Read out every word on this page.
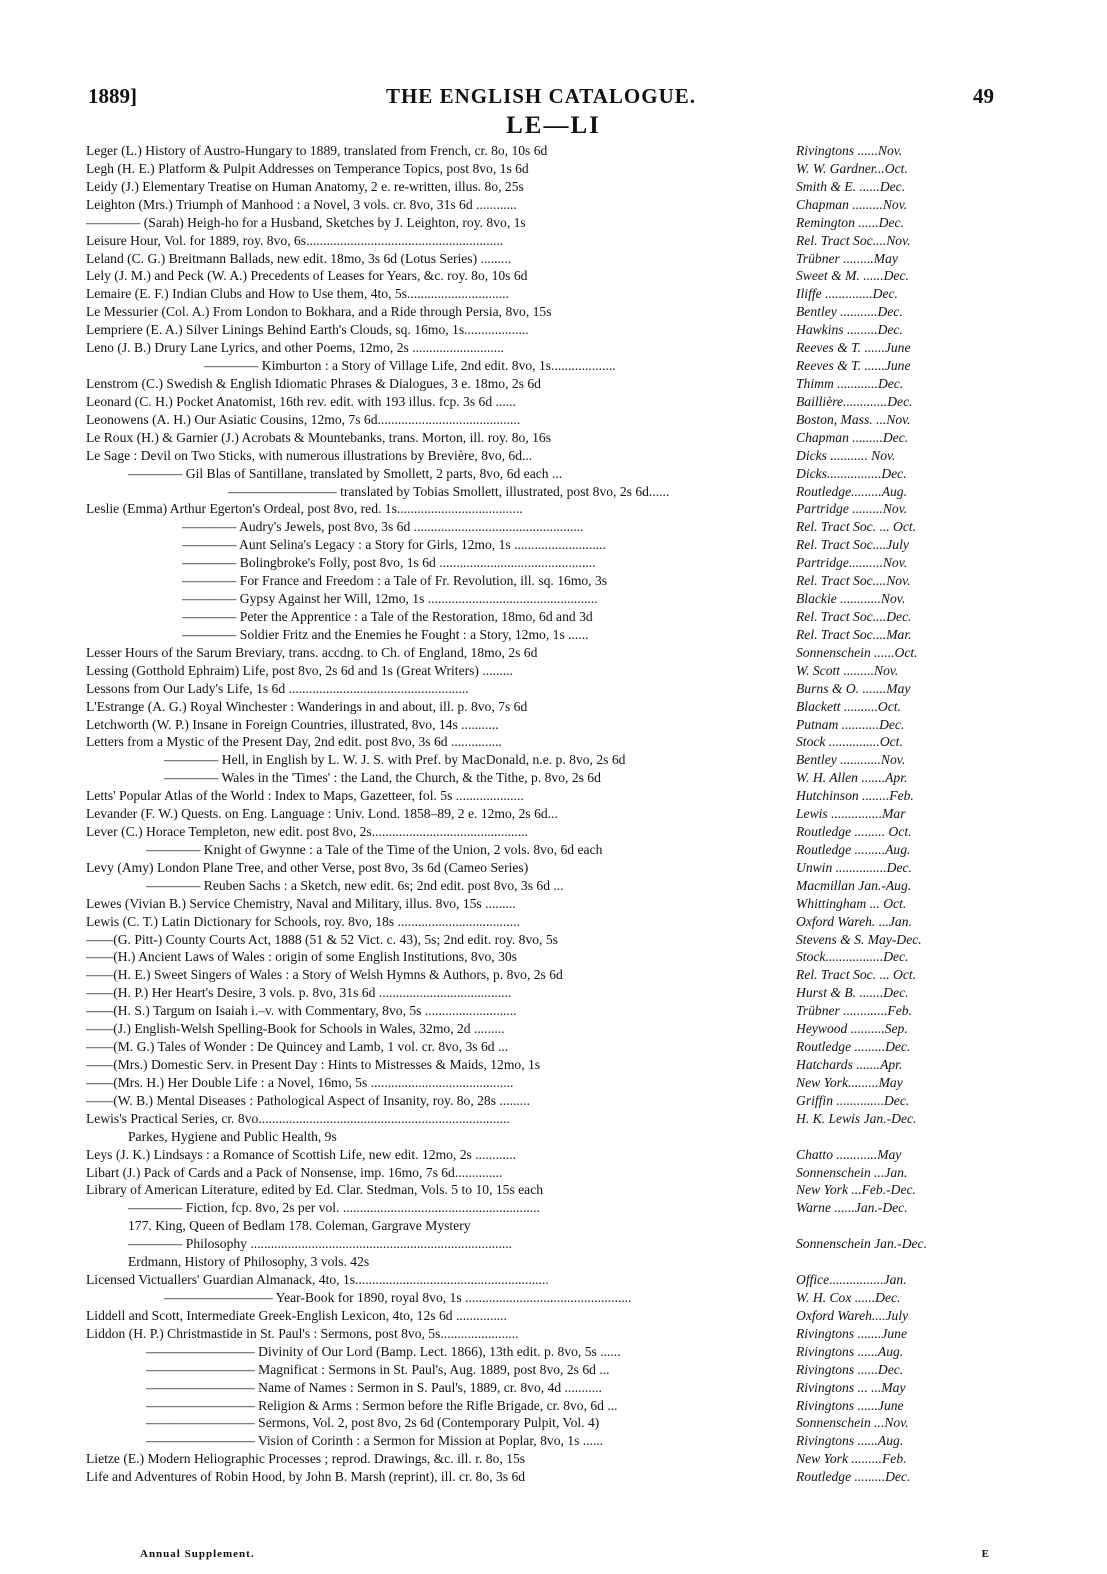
1889]	THE ENGLISH CATALOGUE.	49
LE—LI
Leger (L.) History of Austro-Hungary to 1889, translated from French, cr. 8o, 10s 6d	Rivingtons ......Nov.
Legh (H. E.) Platform & Pulpit Addresses on Temperance Topics, post 8vo, 1s 6d	W. W. Gardner...Oct.
Leidy (J.) Elementary Treatise on Human Anatomy, 2 e. re-written, illus. 8o, 25s	Smith & E. ......Dec.
Leighton (Mrs.) Triumph of Manhood : a Novel, 3 vols. cr. 8vo, 31s 6d ............	Chapman .........Nov.
———— (Sarah) Heigh-ho for a Husband, Sketches by J. Leighton, roy. 8vo, 1s	Remington ......Dec.
Leisure Hour, Vol. for 1889, roy. 8vo, 6s..........................................................	Rel. Tract Soc....Nov.
Leland (C. G.) Breitmann Ballads, new edit. 18mo, 3s 6d (Lotus Series) .........	Trübner .........May
Lely (J. M.) and Peck (W. A.) Precedents of Leases for Years, &c. roy. 8o, 10s 6d	Sweet & M. ......Dec.
Lemaire (E. F.) Indian Clubs and How to Use them, 4to, 5s..............................	Iliffe ..............Dec.
Le Messurier (Col. A.) From London to Bokhara, and a Ride through Persia, 8vo, 15s	Bentley ...........Dec.
Lempriere (E. A.) Silver Linings Behind Earth's Clouds, sq. 16mo, 1s...................	Hawkins .........Dec.
Leno (J. B.) Drury Lane Lyrics, and other Poems, 12mo, 2s ...........................	Reeves & T. ......June
———— Kimburton : a Story of Village Life, 2nd edit. 8vo, 1s...................	Reeves & T. ......June
Lenstrom (C.) Swedish & English Idiomatic Phrases & Dialogues, 3 e. 18mo, 2s 6d	Thimm ............Dec.
Leonard (C. H.) Pocket Anatomist, 16th rev. edit. with 193 illus. fcp. 3s 6d ......	Baillière.............Dec.
Leonowens (A. H.) Our Asiatic Cousins, 12mo, 7s 6d..........................................	Boston, Mass. ...Nov.
Le Roux (H.) & Garnier (J.) Acrobats & Mountebanks, trans. Morton, ill. roy. 8o, 16s	Chapman .........Dec.
Le Sage : Devil on Two Sticks, with numerous illustrations by Brevière, 8vo, 6d...	Dicks ........... Nov.
———— Gil Blas of Santillane, translated by Smollett, 2 parts, 8vo, 6d each ...	Dicks................Dec.
———————— translated by Tobias Smollett, illustrated, post 8vo, 2s 6d......	Routledge.........Aug.
Leslie (Emma) Arthur Egerton's Ordeal, post 8vo, red. 1s.....................................	Partridge .........Nov.
———— Audry's Jewels, post 8vo, 3s 6d ..................................................	Rel. Tract Soc. ... Oct.
———— Aunt Selina's Legacy : a Story for Girls, 12mo, 1s ...........................	Rel. Tract Soc....July
———— Bolingbroke's Folly, post 8vo, 1s 6d ..............................................	Partridge..........Nov.
———— For France and Freedom : a Tale of Fr. Revolution, ill. sq. 16mo, 3s	Rel. Tract Soc....Nov.
———— Gypsy Against her Will, 12mo, 1s ..................................................	Blackie ............Nov.
———— Peter the Apprentice : a Tale of the Restoration, 18mo, 6d and 3d	Rel. Tract Soc....Dec.
———— Soldier Fritz and the Enemies he Fought : a Story, 12mo, 1s ......	Rel. Tract Soc....Mar.
Lesser Hours of the Sarum Breviary, trans. accdng. to Ch. of England, 18mo, 2s 6d	Sonnenschein ......Oct.
Lessing (Gotthold Ephraim) Life, post 8vo, 2s 6d and 1s (Great Writers) .........	W. Scott .........Nov.
Lessons from Our Lady's Life, 1s 6d .....................................................	Burns & O. .......May
L'Estrange (A. G.) Royal Winchester : Wanderings in and about, ill. p. 8vo, 7s 6d	Blackett ..........Oct.
Letchworth (W. P.) Insane in Foreign Countries, illustrated, 8vo, 14s ...........	Putnam ...........Dec.
Letters from a Mystic of the Present Day, 2nd edit. post 8vo, 3s 6d ...............	Stock ...............Oct.
———— Hell, in English by L. W. J. S. with Pref. by MacDonald, n.e. p. 8vo, 2s 6d	Bentley ............Nov.
———— Wales in the 'Times' : the Land, the Church, & the Tithe, p. 8vo, 2s 6d	W. H. Allen .......Apr.
Letts' Popular Atlas of the World : Index to Maps, Gazetteer, fol. 5s ....................	Hutchinson ........Feb.
Levander (F. W.) Quests. on Eng. Language : Univ. Lond. 1858–89, 2 e. 12mo, 2s 6d...	Lewis ...............Mar
Lever (C.) Horace Templeton, new edit. post 8vo, 2s..............................................	Routledge ......... Oct.
———— Knight of Gwynne : a Tale of the Time of the Union, 2 vols. 8vo, 6d each	Routledge .........Aug.
Levy (Amy) London Plane Tree, and other Verse, post 8vo, 3s 6d (Cameo Series)	Unwin ...............Dec.
———— Reuben Sachs : a Sketch, new edit. 6s; 2nd edit. post 8vo, 3s 6d ...	Macmillan Jan.-Aug.
Lewes (Vivian B.) Service Chemistry, Naval and Military, illus. 8vo, 15s .........	Whittingham ... Oct.
Lewis (C. T.) Latin Dictionary for Schools, roy. 8vo, 18s ....................................	Oxford Wareh. ...Jan.
——(G. Pitt-) County Courts Act, 1888 (51 & 52 Vict. c. 43), 5s; 2nd edit. roy. 8vo, 5s	Stevens & S. May-Dec.
——(H.) Ancient Laws of Wales : origin of some English Institutions, 8vo, 30s	Stock.................Dec.
——(H. E.) Sweet Singers of Wales : a Story of Welsh Hymns & Authors, p. 8vo, 2s 6d	Rel. Tract Soc. ... Oct.
——(H. P.) Her Heart's Desire, 3 vols. p. 8vo, 31s 6d .......................................	Hurst & B. .......Dec.
——(H. S.) Targum on Isaiah i.–v. with Commentary, 8vo, 5s ...........................	Trübner .............Feb.
——(J.) English-Welsh Spelling-Book for Schools in Wales, 32mo, 2d .........	Heywood ..........Sep.
——(M. G.) Tales of Wonder : De Quincey and Lamb, 1 vol. cr. 8vo, 3s 6d ...	Routledge .........Dec.
——(Mrs.) Domestic Serv. in Present Day : Hints to Mistresses & Maids, 12mo, 1s	Hatchards .......Apr.
——(Mrs. H.) Her Double Life : a Novel, 16mo, 5s ..........................................	New York.........May
——(W. B.) Mental Diseases : Pathological Aspect of Insanity, roy. 8o, 28s .........	Griffin ..............Dec.
Lewis's Practical Series, cr. 8vo..........................................................................	H. K. Lewis Jan.-Dec.
Parkes, Hygiene and Public Health, 9s
Leys (J. K.) Lindsays : a Romance of Scottish Life, new edit. 12mo, 2s ............	Chatto ............May
Libart (J.) Pack of Cards and a Pack of Nonsense, imp. 16mo, 7s 6d..............	Sonnenschein ...Jan.
Library of American Literature, edited by Ed. Clar. Stedman, Vols. 5 to 10, 15s each	New York ...Feb.-Dec.
———— Fiction, fcp. 8vo, 2s per vol. ..........................................................	Warne ......Jan.-Dec.
177. King, Queen of Bedlam 178. Coleman, Gargrave Mystery
———— Philosophy .............................................................................	Sonnenschein Jan.-Dec.
Erdmann, History of Philosophy, 3 vols. 42s
Licensed Victuallers' Guardian Almanack, 4to, 1s.........................................................	Office................Jan.
———————— Year-Book for 1890, royal 8vo, 1s .................................................	W. H. Cox ......Dec.
Liddell and Scott, Intermediate Greek-English Lexicon, 4to, 12s 6d ...............	Oxford Wareh....July
Liddon (H. P.) Christmastide in St. Paul's : Sermons, post 8vo, 5s.......................	Rivingtons .......June
———————— Divinity of Our Lord (Bamp. Lect. 1866), 13th edit. p. 8vo, 5s ......	Rivingtons ......Aug.
———————— Magnificat : Sermons in St. Paul's, Aug. 1889, post 8vo, 2s 6d ...	Rivingtons ......Dec.
———————— Name of Names : Sermon in S. Paul's, 1889, cr. 8vo, 4d ...........	Rivingtons ... ...May
———————— Religion & Arms : Sermon before the Rifle Brigade, cr. 8vo, 6d ...	Rivingtons ......June
———————— Sermons, Vol. 2, post 8vo, 2s 6d (Contemporary Pulpit, Vol. 4)	Sonnenschein ...Nov.
———————— Vision of Corinth : a Sermon for Mission at Poplar, 8vo, 1s ......	Rivingtons ......Aug.
Lietze (E.) Modern Heliographic Processes ; reprod. Drawings, &c. ill. r. 8o, 15s	New York .........Feb.
Life and Adventures of Robin Hood, by John B. Marsh (reprint), ill. cr. 8o, 3s 6d	Routledge .........Dec.
Annual Supplement.	E
